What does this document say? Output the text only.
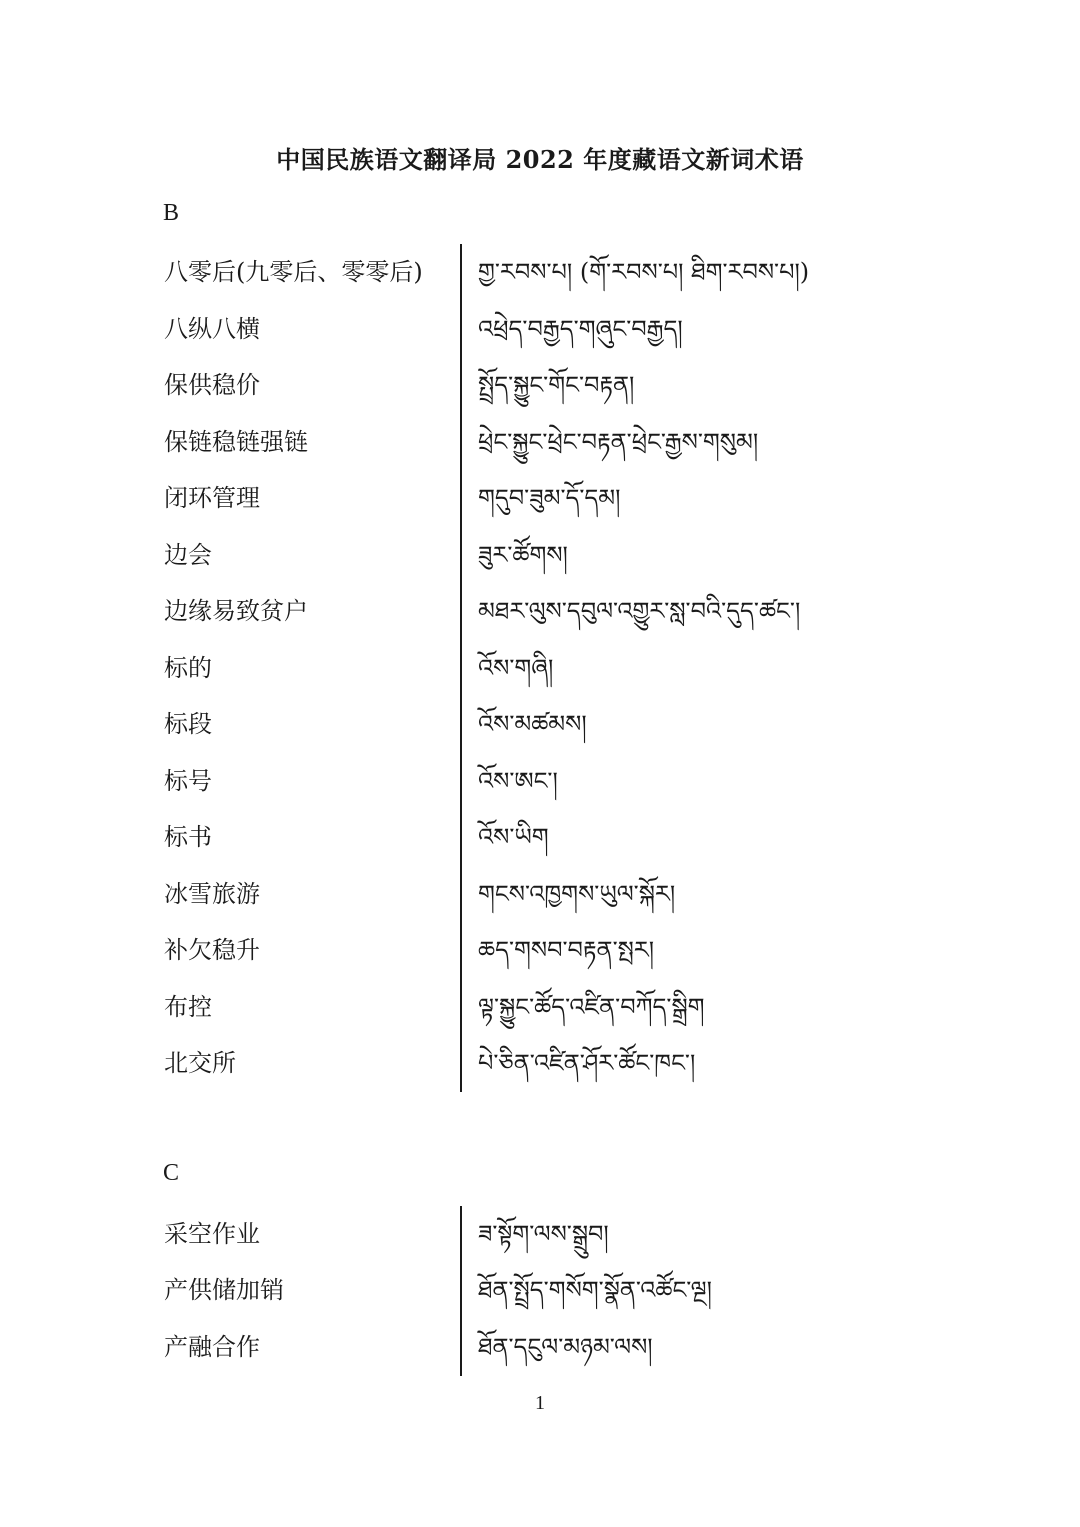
中国民族语文翻译局 2022 年度藏语文新词术语
B
八零后(九零后、零零后) གྱ་རབས་པ། (གོ་རབས་པ། ཐིག་རབས་པ།)
八纵八横	འཕྲེད་བརྒྱད་གཞུང་བརྒྱད།
保供稳价	སྤྲོད་སྐྱུང་གོང་བརྟན།
保链稳链强链	ཕྲེང་སྐྱུང་ཕྲེང་བརྟན་ཕྲེང་རྒྱས་གསུམ།
闭环管理	གདུབ་ཟུམ་དོ་དམ།
边会	ཟུར་ཚོགས།
边缘易致贫户	མཐར་ལུས་དབུལ་འགྱུར་སླ་བའི་དུད་ཚང་།
标的	འོས་གཞི།
标段	འོས་མཚམས།
标号	འོས་ཨང་།
标书	འོས་ཡིག
冰雪旅游	གངས་འཁྱགས་ཡུལ་སྐོར།
补欠稳升	ཆད་གསབ་བརྟན་སྤར།
布控	ལྟ་སྐྱུང་ཚོད་འཛིན་བཀོད་སྒྲིག
北交所	པེ་ཅིན་འཛིན་ཤོར་ཚོང་ཁང་།
C
采空作业	ཟ་སྟོག་ལས་སྒྲུབ།
产供储加销	ཐོན་སྤྲོད་གསོག་སྣོན་འཚོང་ལྔ།
产融合作	ཐོན་དངུལ་མཉམ་ལས།
1
